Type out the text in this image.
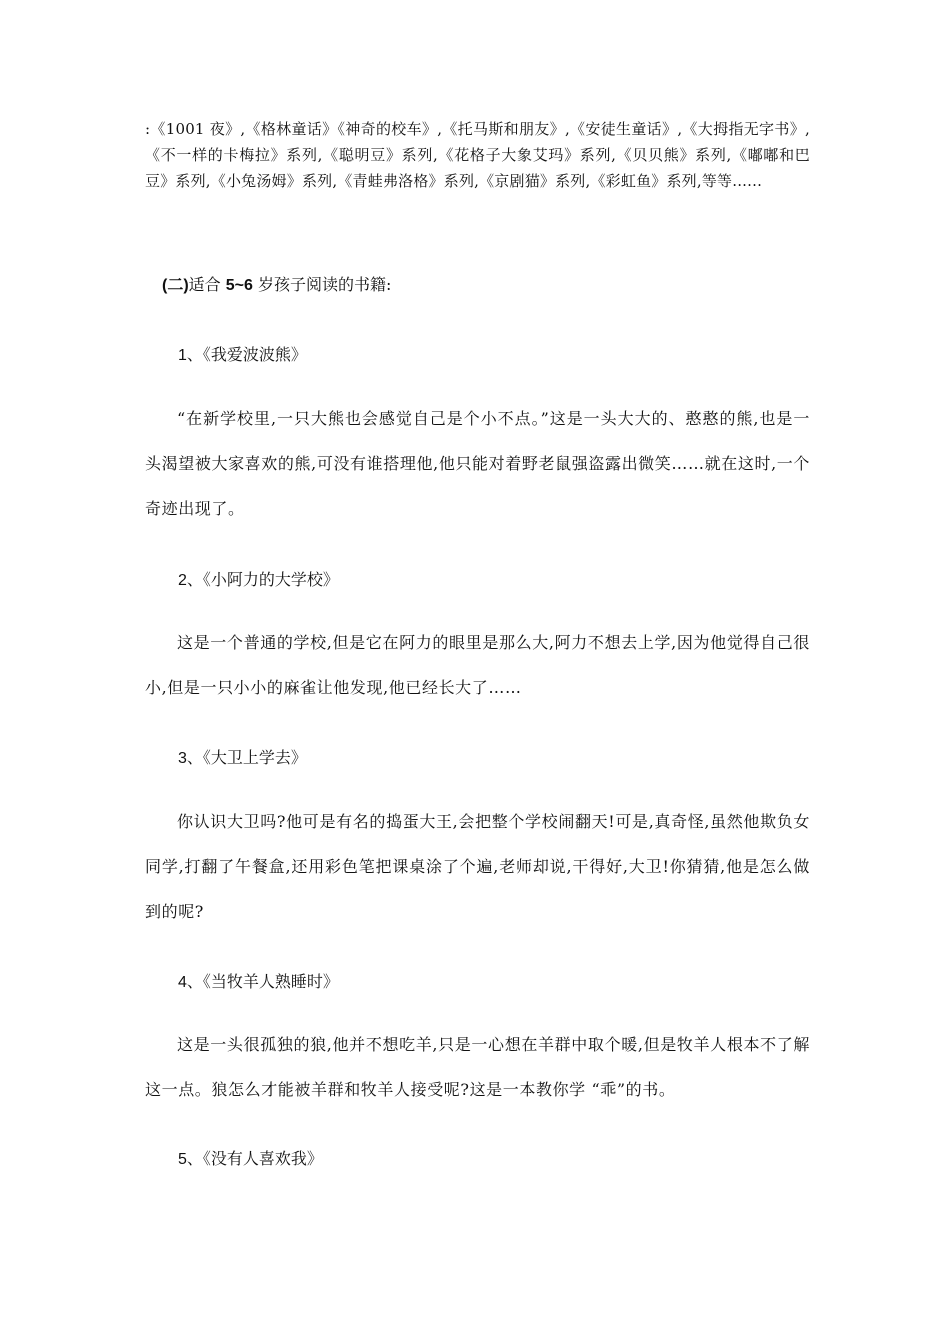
:《1001 夜》,《格林童话》《神奇的校车》,《托马斯和朋友》,《安徒生童话》,《大拇指无字书》,《不一样的卡梅拉》系列,《聪明豆》系列,《花格子大象艾玛》系列,《贝贝熊》系列,《嘟嘟和巴豆》系列,《小兔汤姆》系列,《青蛙弗洛格》系列,《京剧猫》系列,《彩虹鱼》系列,等等......
(二)适合 5~6 岁孩子阅读的书籍:
1、《我爱波波熊》
“在新学校里,一只大熊也会感觉自己是个小不点。”这是一头大大的、憨憨的熊,也是一头渴望被大家喜欢的熊,可没有谁搭理他,他只能对着野老鼠强盗露出微笑……就在这时,一个奇迹出现了。
2、《小阿力的大学校》
这是一个普通的学校,但是它在阿力的眼里是那么大,阿力不想去上学,因为他觉得自己很小,但是一只小小的麻雀让他发现,他已经长大了……
3、《大卫上学去》
你认识大卫吗?他可是有名的捣蛋大王,会把整个学校闹翻天!可是,真奇怪,虽然他欺负女同学,打翻了午餐盒,还用彩色笔把课桌涂了个遍,老师却说,干得好,大卫!你猜猜,他是怎么做到的呢?
4、《当牧羊人熟睡时》
这是一头很孤独的狼,他并不想吃羊,只是一心想在羊群中取个暖,但是牧羊人根本不了解这一点。狼怎么才能被羊群和牧羊人接受呢?这是一本教你学 “乖”的书。
5、《没有人喜欢我》
